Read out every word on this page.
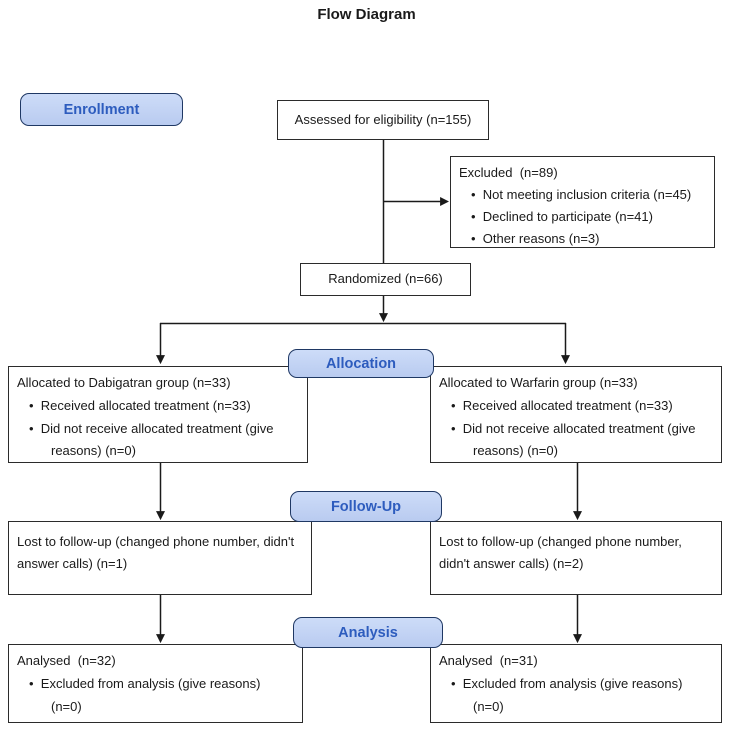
Flow Diagram
Enrollment
Allocation
Follow-Up
Analysis
Assessed for eligibility (n=155)
Excluded  (n=89)
•  Not meeting inclusion criteria (n=45)
•  Declined to participate (n=41)
•  Other reasons (n=3)
Randomized (n=66)
Allocated to Dabigatran group (n=33)
•  Received allocated treatment (n=33)
•  Did not receive allocated treatment (give reasons) (n=0)
Allocated to Warfarin group (n=33)
•  Received allocated treatment (n=33)
•  Did not receive allocated treatment (give reasons) (n=0)
Lost to follow-up (changed phone number, didn't answer calls) (n=1)
Lost to follow-up (changed phone number, didn't answer calls) (n=2)
Analysed  (n=32)
•  Excluded from analysis (give reasons) (n=0)
Analysed  (n=31)
•  Excluded from analysis (give reasons) (n=0)
